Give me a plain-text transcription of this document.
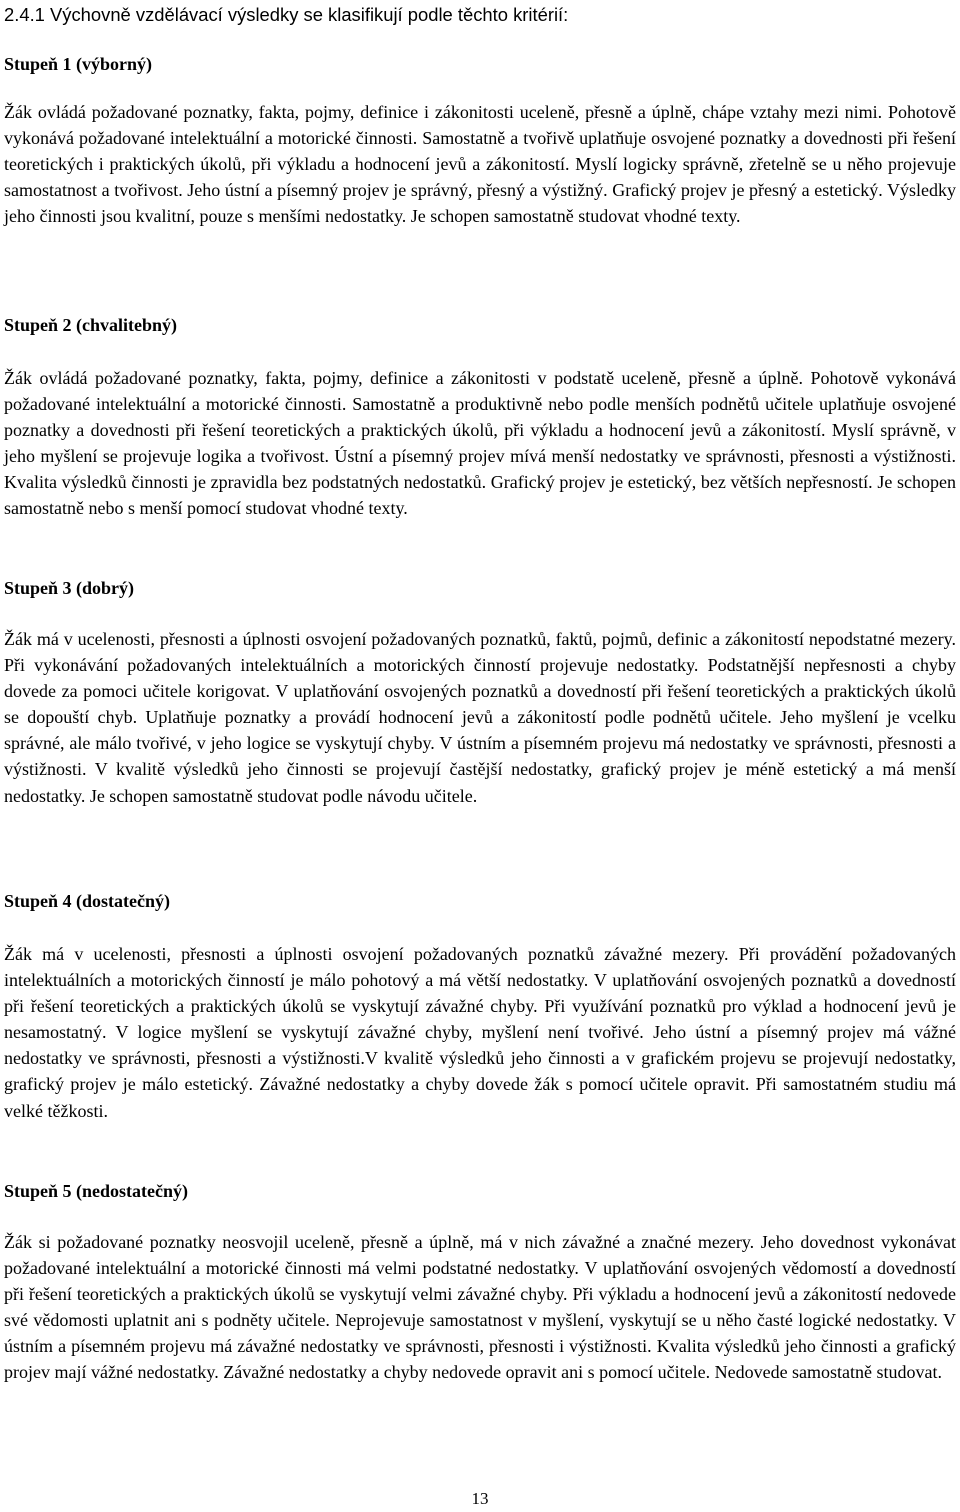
2.4.1 Výchovně vzdělávací výsledky se klasifikují podle těchto kritérií:
Stupeň 1 (výborný)

Žák ovládá požadované poznatky, fakta, pojmy, definice i zákonitosti uceleně, přesně a úplně, chápe vztahy mezi nimi. Pohotově vykonává požadované intelektuální a motorické činnosti. Samostatně a tvořivě uplatňuje osvojené poznatky a dovednosti při řešení teoretických i praktických úkolů, při výkladu a hodnocení jevů a zákonitostí. Myslí logicky správně, zřetelně se u něho projevuje samostatnost a tvořivost. Jeho ústní a písemný projev je správný, přesný a výstižný. Grafický projev je přesný a estetický. Výsledky jeho činnosti jsou kvalitní, pouze s menšími nedostatky. Je schopen samostatně studovat vhodné texty.

Stupeň 2 (chvalitebný)

Žák ovládá požadované poznatky, fakta, pojmy, definice a zákonitosti v podstatě uceleně, přesně a úplně. Pohotově vykonává požadované intelektuální a motorické činnosti. Samostatně a produktivně nebo podle menších podnětů učitele uplatňuje osvojené poznatky a dovednosti při řešení teoretických a praktických úkolů, při výkladu a hodnocení jevů a zákonitostí. Myslí správně, v jeho myšlení se projevuje logika a tvořivost. Ústní a písemný projev mívá menší nedostatky ve správnosti, přesnosti a výstižnosti. Kvalita výsledků činnosti je zpravidla bez podstatných nedostatků. Grafický projev je estetický, bez větších nepřesností. Je schopen samostatně nebo s menší pomocí studovat vhodné texty.

Stupeň 3 (dobrý)

Žák má v ucelenosti, přesnosti a úplnosti osvojení požadovaných poznatků, faktů, pojmů, definic a zákonitostí nepodstatné mezery. Při vykonávání požadovaných intelektuálních a motorických činností projevuje nedostatky. Podstatnější nepřesnosti a chyby dovede za pomoci učitele korigovat. V uplatňování osvojených poznatků a dovedností při řešení teoretických a praktických úkolů se dopouští chyb. Uplatňuje poznatky a provádí hodnocení jevů a zákonitostí podle podnětů učitele. Jeho myšlení je vcelku správné, ale málo tvořivé, v jeho logice se vyskytují chyby. V ústním a písemném projevu má nedostatky ve správnosti, přesnosti a výstižnosti. V kvalitě výsledků jeho činnosti se projevují častější nedostatky, grafický projev je méně estetický a má menší nedostatky. Je schopen samostatně studovat podle návodu učitele.

Stupeň 4 (dostatečný)

Žák má v ucelenosti, přesnosti a úplnosti osvojení požadovaných poznatků závažné mezery. Při provádění požadovaných intelektuálních a motorických činností je málo pohotový a má větší nedostatky. V uplatňování osvojených poznatků a dovedností při řešení teoretických a praktických úkolů se vyskytují závažné chyby. Při využívání poznatků pro výklad a hodnocení jevů je nesamostatný. V logice myšlení se vyskytují závažné chyby, myšlení není tvořivé. Jeho ústní a písemný projev má vážné nedostatky ve správnosti, přesnosti a výstižnosti.V kvalitě výsledků jeho činnosti a v grafickém projevu se projevují nedostatky, grafický projev je málo estetický. Závažné nedostatky a chyby dovede žák s pomocí učitele opravit. Při samostatném studiu má velké těžkosti.

Stupeň 5 (nedostatečný)

Žák si požadované poznatky neosvojil uceleně, přesně a úplně, má v nich závažné a značné mezery. Jeho dovednost vykonávat požadované intelektuální a motorické činnosti má velmi podstatné nedostatky. V uplatňování osvojených vědomostí a dovedností při řešení teoretických a praktických úkolů se vyskytují velmi závažné chyby. Při výkladu a hodnocení jevů a zákonitostí nedovede své vědomosti uplatnit ani s podněty učitele. Neprojevuje samostatnost v myšlení, vyskytují se u něho časté logické nedostatky. V ústním a písemném projevu má závažné nedostatky ve správnosti, přesnosti i výstižnosti. Kvalita výsledků jeho činnosti a grafický projev mají vážné nedostatky. Závažné nedostatky a chyby nedovede opravit ani s pomocí učitele. Nedovede samostatně studovat.

13
